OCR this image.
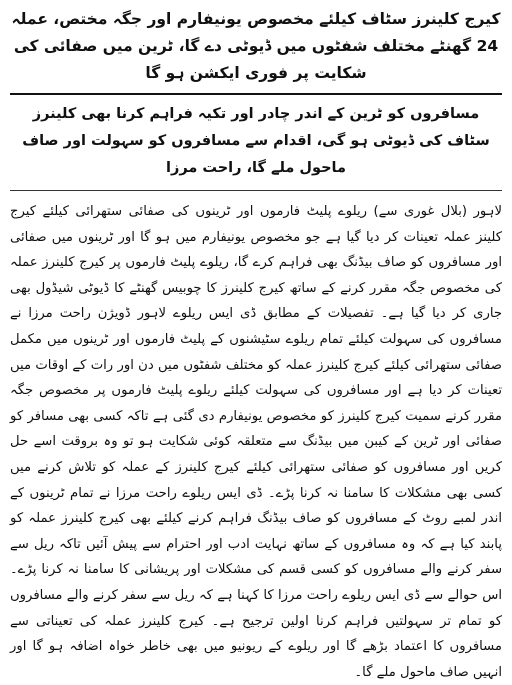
کیرج کلینرز سٹاف کیلئے مخصوص یونیفارم اور جگہ مختص، عملہ 24 گھنٹے مختلف شفٹوں میں ڈیوٹی دے گا، ٹرین میں صفائی کی شکایت پر فوری ایکشن ہو گا
مسافروں کو ٹرین کے اندر چادر اور تکیہ فراہم کرنا بھی کلینرز سٹاف کی ڈیوٹی ہو گی، اقدام سے مسافروں کو سہولت اور صاف ماحول ملے گا، راحت مرزا

لاہور (بلال غوری سے) ریلوے پلیٹ فارموں اور ٹرینوں کی صفائی ستھرائی کیلئے کیرج کلینز عملہ تعینات کر دیا گیا ہے جو مخصوص یونیفارم میں ہو گا اور ٹرینوں میں صفائی اور مسافروں کو صاف بیڈنگ بھی فراہم کرے گا، ریلوے پلیٹ فارموں پر کیرج کلینرز عملہ کی مخصوص جگہ مقرر کرنے کے ساتھ کیرج کلینرز کا چوبیس گھنٹے کا ڈیوٹی شیڈول بھی جاری کر دیا گیا ہے۔ تفصیلات کے مطابق ڈی ایس ریلوے لاہور ڈویژن راحت مرزا نے مسافروں کی سہولت کیلئے تمام ریلوے سٹیشنوں کے پلیٹ فارموں اور ٹرینوں میں مکمل صفائی ستھرائی کیلئے کیرج کلینرز عملہ کو مختلف شفٹوں میں دن اور رات کے اوقات میں تعینات کر دیا ہے اور مسافروں کی سہولت کیلئے ریلوے پلیٹ فارموں پر مخصوص جگہ مقرر کرنے سمیت کیرج کلینرز کو مخصوص یونیفارم دی گئی ہے تاکہ کسی بھی مسافر کو صفائی اور ٹرین کے کیبن میں بیڈنگ سے متعلقہ کوئی شکایت ہو تو وہ بروقت اسے حل کریں اور مسافروں کو صفائی ستھرائی کیلئے کیرج کلینرز کے عملہ کو تلاش کرنے میں کسی بھی مشکلات کا سامنا نہ کرنا پڑے۔ ڈی ایس ریلوے راحت مرزا نے تمام ٹرینوں کے اندر لمبے روٹ کے مسافروں کو صاف بیڈنگ فراہم کرنے کیلئے بھی کیرج کلینرز عملہ کو پابند کیا ہے کہ وہ مسافروں کے ساتھ نہایت ادب اور احترام سے پیش آئیں تاکہ ریل سے سفر کرنے والے مسافروں کو کسی قسم کی مشکلات اور پریشانی کا سامنا نہ کرنا پڑے۔ اس حوالے سے ڈی ایس ریلوے راحت مرزا کا کہنا ہے کہ ریل سے سفر کرنے والے مسافروں کو تمام تر سہولتیں فراہم کرنا اولین ترجیح ہے۔ کیرج کلینرز عملہ کی تعیناتی سے مسافروں کا اعتماد بڑھے گا اور ریلوے کے ریونیو میں بھی خاطر خواہ اضافہ ہو گا اور انہیں صاف ماحول ملے گا۔
